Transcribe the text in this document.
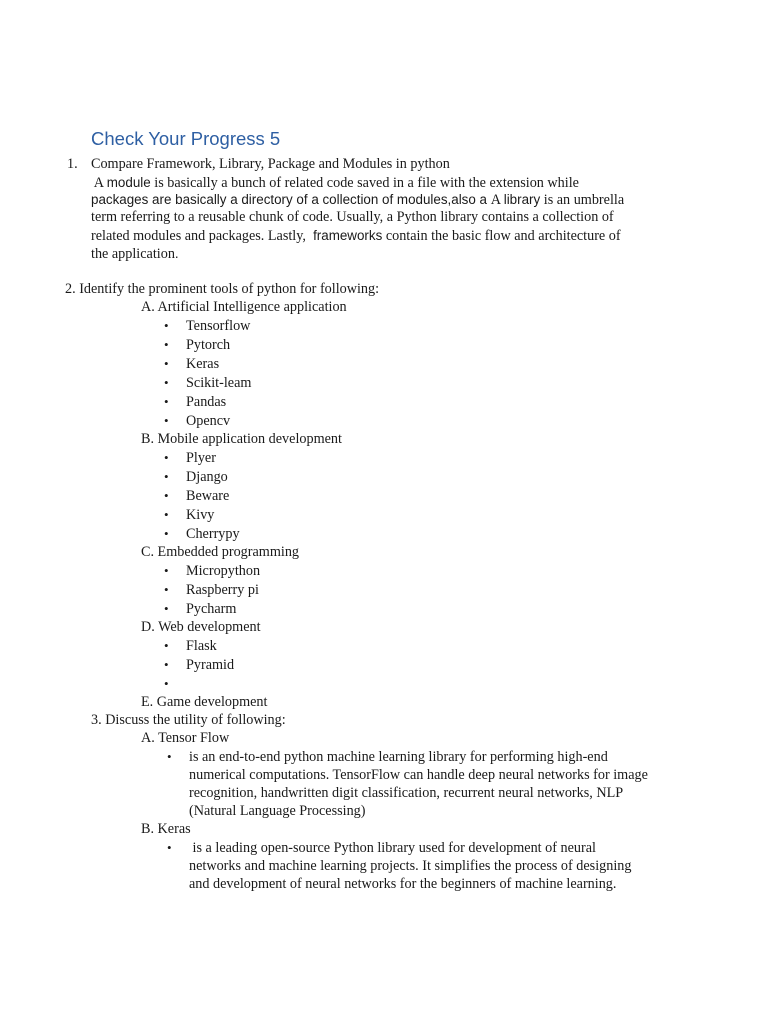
Check Your Progress 5
1. Compare Framework, Library, Package and Modules in python
A module is basically a bunch of related code saved in a file with the extension while
packages are basically a directory of a collection of modules,also a A library is an umbrella
term referring to a reusable chunk of code. Usually, a Python library contains a collection of
related modules and packages. Lastly,  frameworks contain the basic flow and architecture of
the application.
2. Identify the prominent tools of python for following:
A. Artificial Intelligence application
• Tensorflow
• Pytorch
• Keras
• Scikit-leam
• Pandas
• Opencv
B. Mobile application development
• Plyer
• Django
• Beware
• Kivy
• Cherrypy
C. Embedded programming
• Micropython
• Raspberry pi
• Pycharm
D. Web development
• Flask
• Pyramid
•
E. Game development
3. Discuss the utility of following:
A. Tensor Flow
• is an end-to-end python machine learning library for performing high-end
numerical computations. TensorFlow can handle deep neural networks for image
recognition, handwritten digit classification, recurrent neural networks, NLP
(Natural Language Processing)
B. Keras
• is a leading open-source Python library used for development of neural
networks and machine learning projects. It simplifies the process of designing
and development of neural networks for the beginners of machine learning.
